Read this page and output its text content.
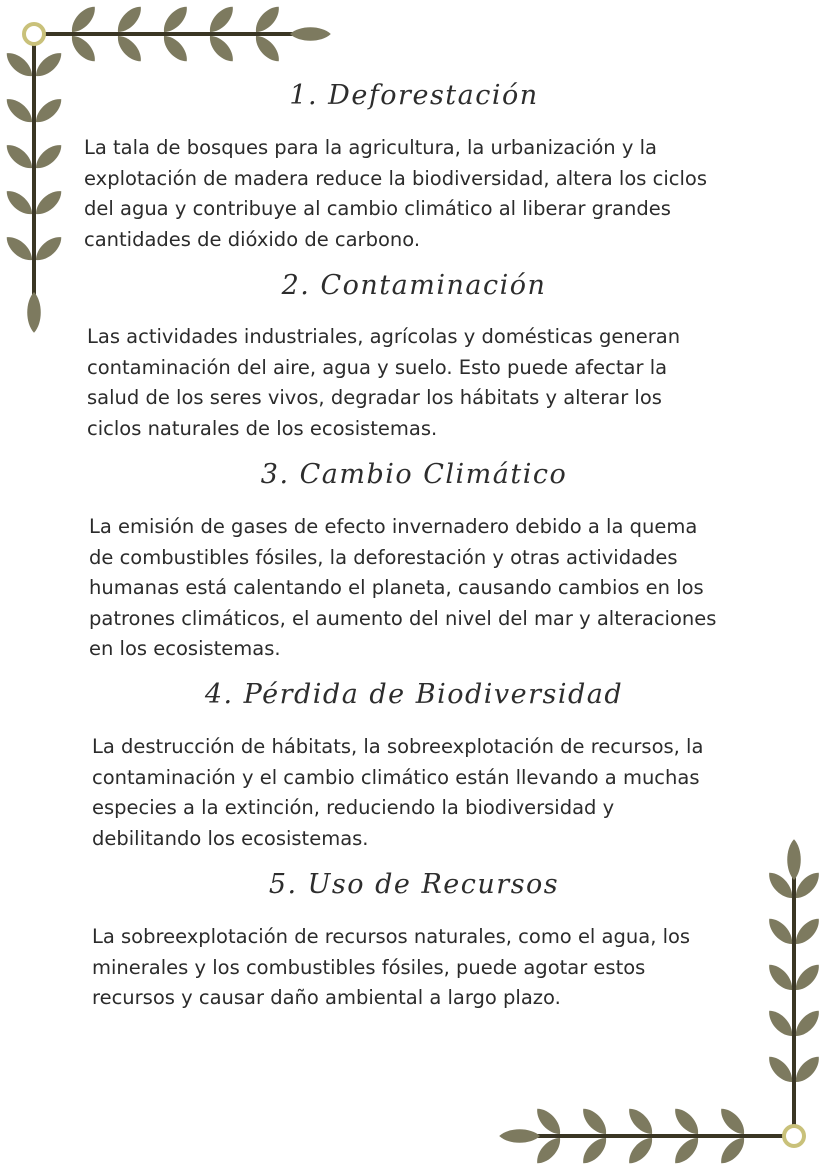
1. Deforestación
La tala de bosques para la agricultura, la urbanización y la
explotación de madera reduce la biodiversidad, altera los ciclos
del agua y contribuye al cambio climático al liberar grandes
cantidades de dióxido de carbono.
2. Contaminación
Las actividades industriales, agrícolas y domésticas generan
contaminación del aire, agua y suelo. Esto puede afectar la
salud de los seres vivos, degradar los hábitats y alterar los
ciclos naturales de los ecosistemas.
3. Cambio Climático
La emisión de gases de efecto invernadero debido a la quema
de combustibles fósiles, la deforestación y otras actividades
humanas está calentando el planeta, causando cambios en los
patrones climáticos, el aumento del nivel del mar y alteraciones
en los ecosistemas.
4. Pérdida de Biodiversidad
La destrucción de hábitats, la sobreexplotación de recursos, la
contaminación y el cambio climático están llevando a muchas
especies a la extinción, reduciendo la biodiversidad y
debilitando los ecosistemas.
5. Uso de Recursos
La sobreexplotación de recursos naturales, como el agua, los
minerales y los combustibles fósiles, puede agotar estos
recursos y causar daño ambiental a largo plazo.
